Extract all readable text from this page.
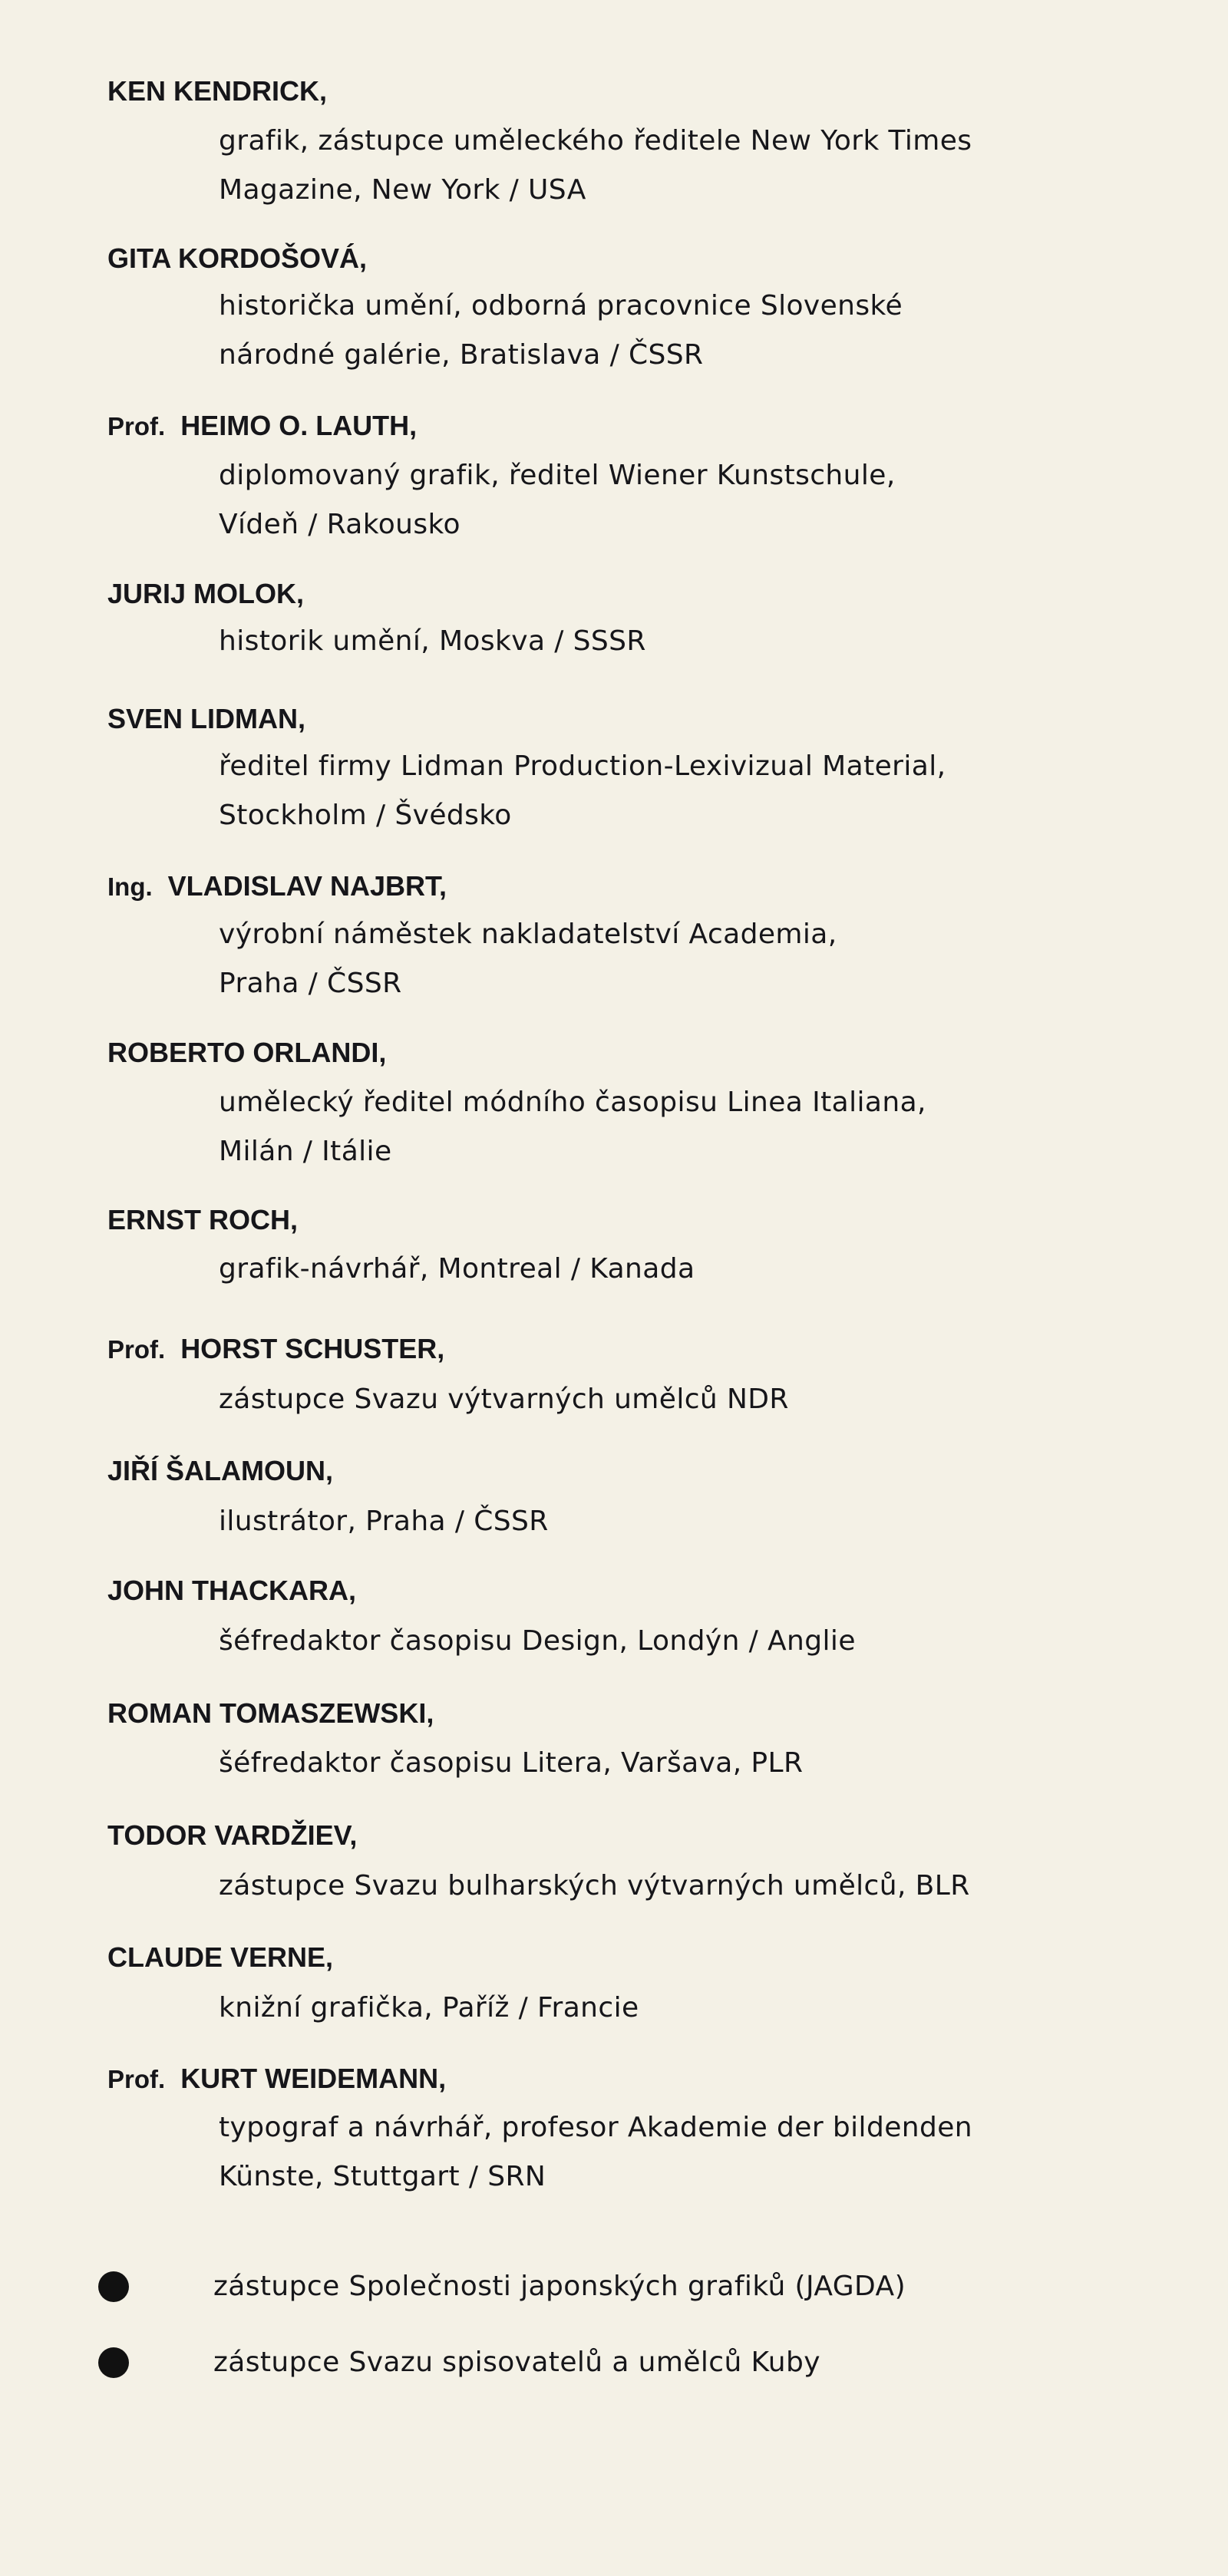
KEN KENDRICK,
grafik, zástupce uměleckého ředitele New York Times
Magazine, New York / USA
GITA KORDOŠOVÁ,
historička umění, odborná pracovnice Slovenské
národné galérie, Bratislava / ČSSR
Prof. HEIMO O. LAUTH,
diplomovaný grafik, ředitel Wiener Kunstschule,
Vídeň / Rakousko
JURIJ MOLOK,
historik umění, Moskva / SSSR
SVEN LIDMAN,
ředitel firmy Lidman Production-Lexivizual Material,
Stockholm / Švédsko
Ing. VLADISLAV NAJBRT,
výrobní náměstek nakladatelství Academia,
Praha / ČSSR
ROBERTO ORLANDI,
umělecký ředitel módního časopisu Linea Italiana,
Milán / Itálie
ERNST ROCH,
grafik-návrhář, Montreal / Kanada
Prof. HORST SCHUSTER,
zástupce Svazu výtvarných umělců NDR
JIŘÍ ŠALAMOUN,
ilustrátor, Praha / ČSSR
JOHN THACKARA,
šéfredaktor časopisu Design, Londýn / Anglie
ROMAN TOMASZEWSKI,
šéfredaktor časopisu Litera, Varšava, PLR
TODOR VARDŽIEV,
zástupce Svazu bulharských výtvarných umělců, BLR
CLAUDE VERNE,
knižní grafička, Paříž / Francie
Prof. KURT WEIDEMANN,
typograf a návrhář, profesor Akademie der bildenden
Künste, Stuttgart / SRN
zástupce Společnosti japonských grafiků (JAGDA)
zástupce Svazu spisovatelů a umělců Kuby
